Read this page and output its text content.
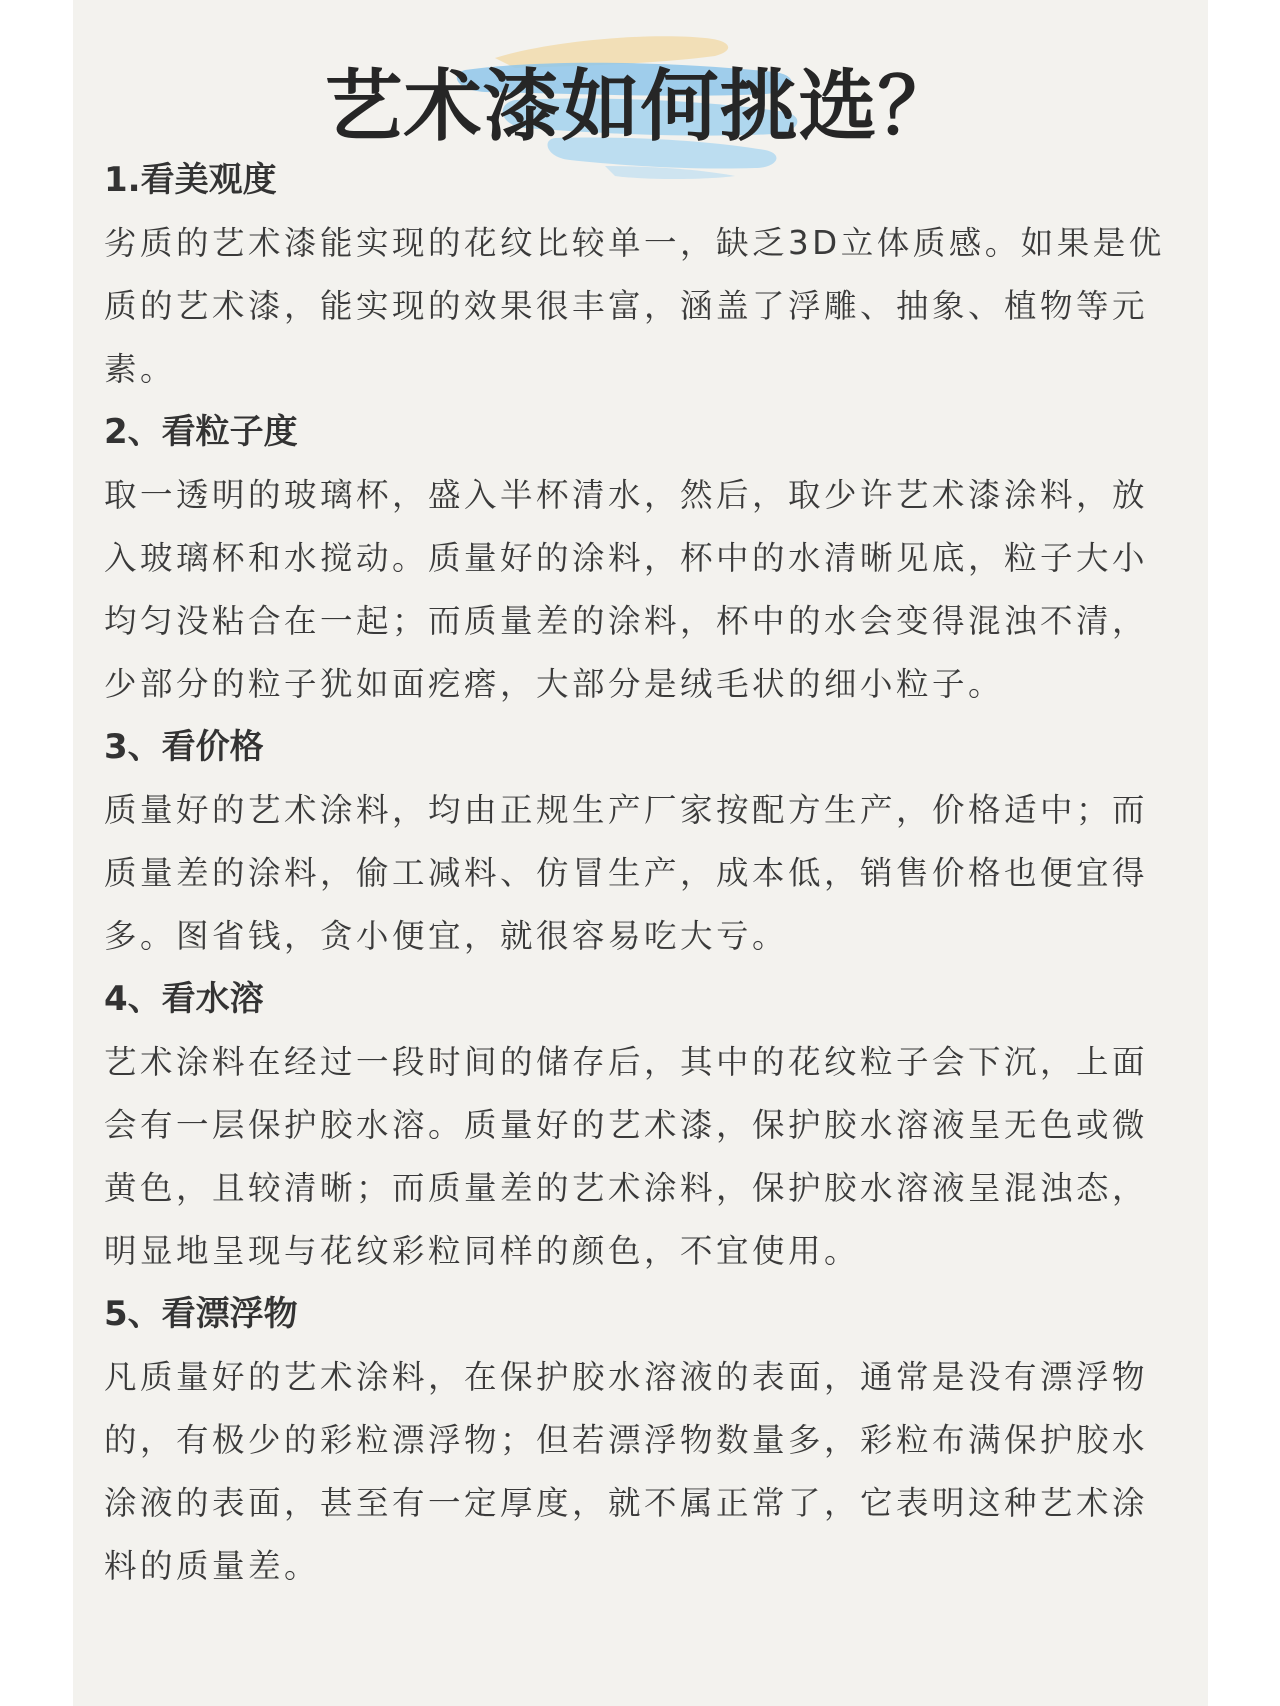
艺术漆如何挑选？
1.看美观度

劣质的艺术漆能实现的花纹比较单一，缺乏3D立体质感。如果是优质的艺术漆，能实现的效果很丰富，涵盖了浮雕、抽象、植物等元素。

2、看粒子度

取一透明的玻璃杯，盛入半杯清水，然后，取少许艺术漆涂料，放入玻璃杯和水搅动。质量好的涂料，杯中的水清晰见底，粒子大小均匀没粘合在一起；而质量差的涂料，杯中的水会变得混浊不清，少部分的粒子犹如面疙瘩，大部分是绒毛状的细小粒子。

3、看价格

质量好的艺术涂料，均由正规生产厂家按配方生产，价格适中；而质量差的涂料，偷工减料、仿冒生产，成本低，销售价格也便宜得多。图省钱，贪小便宜，就很容易吃大亏。

4、看水溶

艺术涂料在经过一段时间的储存后，其中的花纹粒子会下沉，上面会有一层保护胶水溶。质量好的艺术漆，保护胶水溶液呈无色或微黄色，且较清晰；而质量差的艺术涂料，保护胶水溶液呈混浊态，明显地呈现与花纹彩粒同样的颜色，不宜使用。

5、看漂浮物

凡质量好的艺术涂料，在保护胶水溶液的表面，通常是没有漂浮物的，有极少的彩粒漂浮物；但若漂浮物数量多，彩粒布满保护胶水涂液的表面，甚至有一定厚度，就不属正常了，它表明这种艺术涂料的质量差。
